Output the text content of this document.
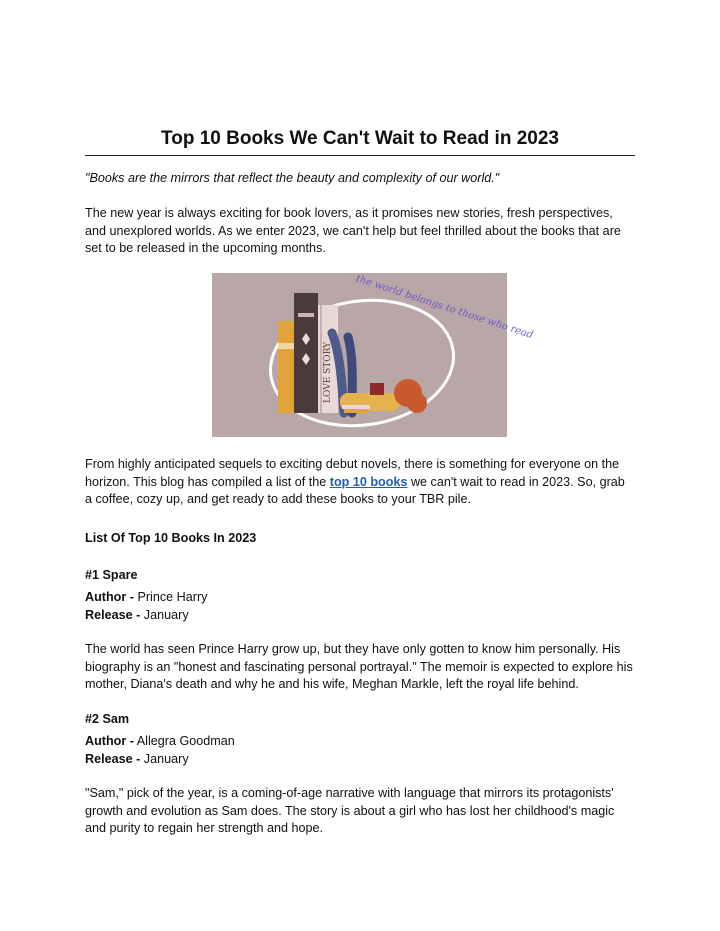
Top 10 Books We Can't Wait to Read in 2023

"Books are the mirrors that reflect the beauty and complexity of our world."

The new year is always exciting for book lovers, as it promises new stories, fresh perspectives, and unexplored worlds. As we enter 2023, we can't help but feel thrilled about the books that are set to be released in the upcoming months.

the world belongs to those who read
LOVE STORY

From highly anticipated sequels to exciting debut novels, there is something for everyone on the horizon. This blog has compiled a list of the top 10 books we can't wait to read in 2023. So, grab a coffee, cozy up, and get ready to add these books to your TBR pile.

List Of Top 10 Books In 2023
#1 Spare

Author - Prince Harry
Release - January

The world has seen Prince Harry grow up, but they have only gotten to know him personally. His biography is an "honest and fascinating personal portrayal." The memoir is expected to explore his mother, Diana's death and why he and his wife, Meghan Markle, left the royal life behind.

#2 Sam

Author - Allegra Goodman
Release - January

"Sam," pick of the year, is a coming-of-age narrative with language that mirrors its protagonists' growth and evolution as Sam does. The story is about a girl who has lost her childhood's magic and purity to regain her strength and hope.
